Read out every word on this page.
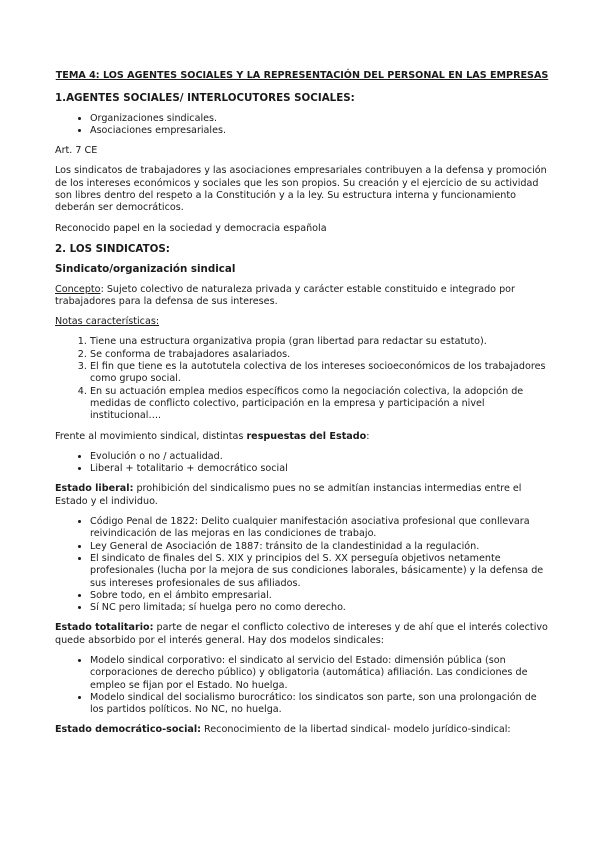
TEMA 4: LOS AGENTES SOCIALES Y LA REPRESENTACIÓN DEL PERSONAL EN LAS EMPRESAS
1.AGENTES SOCIALES/ INTERLOCUTORES SOCIALES:
• Organizaciones sindicales.
• Asociaciones empresariales.

Art. 7 CE

Los sindicatos de trabajadores y las asociaciones empresariales contribuyen a la defensa y promoción de los intereses económicos y sociales que les son propios. Su creación y el ejercicio de su actividad son libres dentro del respeto a la Constitución y a la ley. Su estructura interna y funcionamiento deberán ser democráticos.

Reconocido papel en la sociedad y democracia española

2. LOS SINDICATOS:
Sindicato/organización sindical

Concepto: Sujeto colectivo de naturaleza privada y carácter estable constituido e integrado por trabajadores para la defensa de sus intereses.

Notas características:

1. Tiene una estructura organizativa propia (gran libertad para redactar su estatuto).
2. Se conforma de trabajadores asalariados.
3. El fin que tiene es la autotutela colectiva de los intereses socioeconómicos de los trabajadores como grupo social.
4. En su actuación emplea medios específicos como la negociación colectiva, la adopción de medidas de conflicto colectivo, participación en la empresa y participación a nivel institucional….

Frente al movimiento sindical, distintas respuestas del Estado:

• Evolución o no / actualidad.
• Liberal + totalitario + democrático social

Estado liberal: prohibición del sindicalismo pues no se admitían instancias intermedias entre el Estado y el individuo.

• Código Penal de 1822: Delito cualquier manifestación asociativa profesional que conllevara reivindicación de las mejoras en las condiciones de trabajo.
• Ley General de Asociación de 1887: tránsito de la clandestinidad a la regulación.
• El sindicato de finales del S. XIX y principios del S. XX perseguía objetivos netamente profesionales (lucha por la mejora de sus condiciones laborales, básicamente) y la defensa de sus intereses profesionales de sus afiliados.
• Sobre todo, en el ámbito empresarial.
• Sí NC pero limitada; sí huelga pero no como derecho.

Estado totalitario: parte de negar el conflicto colectivo de intereses y de ahí que el interés colectivo quede absorbido por el interés general. Hay dos modelos sindicales:

• Modelo sindical corporativo: el sindicato al servicio del Estado: dimensión pública (son corporaciones de derecho público) y obligatoria (automática) afiliación. Las condiciones de empleo se fijan por el Estado. No huelga.
• Modelo sindical del socialismo burocrático: los sindicatos son parte, son una prolongación de los partidos políticos. No NC, no huelga.

Estado democrático-social: Reconocimiento de la libertad sindical- modelo jurídico-sindical:
